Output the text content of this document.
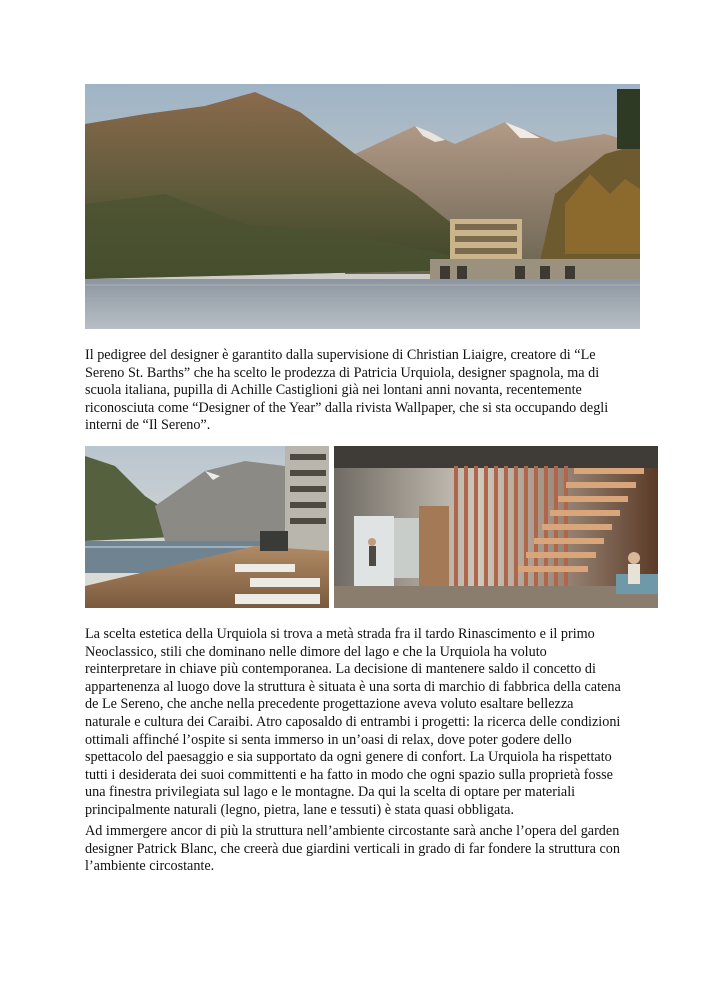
Il pedigree del designer è garantito dalla supervisione di Christian Liaigre, creatore di “Le
Sereno St. Barths” che ha scelto le prodezza di Patricia Urquiola, designer spagnola, ma di
scuola italiana, pupilla di Achille Castiglioni già nei lontani anni novanta, recentemente
riconosciuta come “Designer of the Year” dalla rivista Wallpaper, che si sta occupando degli
interni de “Il Sereno”.

La scelta estetica della Urquiola si trova a metà strada fra il tardo Rinascimento e il primo
Neoclassico, stili che dominano nelle dimore del lago e che la Urquiola ha voluto
reinterpretare in chiave più contemporanea. La decisione di mantenere saldo il concetto di
appartenenza al luogo dove la struttura è situata è una sorta di marchio di fabbrica della catena
de Le Sereno, che anche nella precedente progettazione aveva voluto esaltare bellezza
naturale e cultura dei Caraibi. Atro caposaldo di entrambi i progetti: la ricerca delle condizioni
ottimali affinché l’ospite si senta immerso in un’oasi di relax, dove poter godere dello
spettacolo del paesaggio e sia supportato da ogni genere di confort. La Urquiola ha rispettato
tutti i desiderata dei suoi committenti e ha fatto in modo che ogni spazio sulla proprietà fosse
una finestra privilegiata sul lago e le montagne. Da qui la scelta di optare per materiali
principalmente naturali (legno, pietra, lane e tessuti) è stata quasi obbligata.

Ad immergere ancor di più la struttura nell’ambiente circostante sarà anche l’opera del garden
designer Patrick Blanc, che creerà due giardini verticali in grado di far fondere la struttura con
l’ambiente circostante.
